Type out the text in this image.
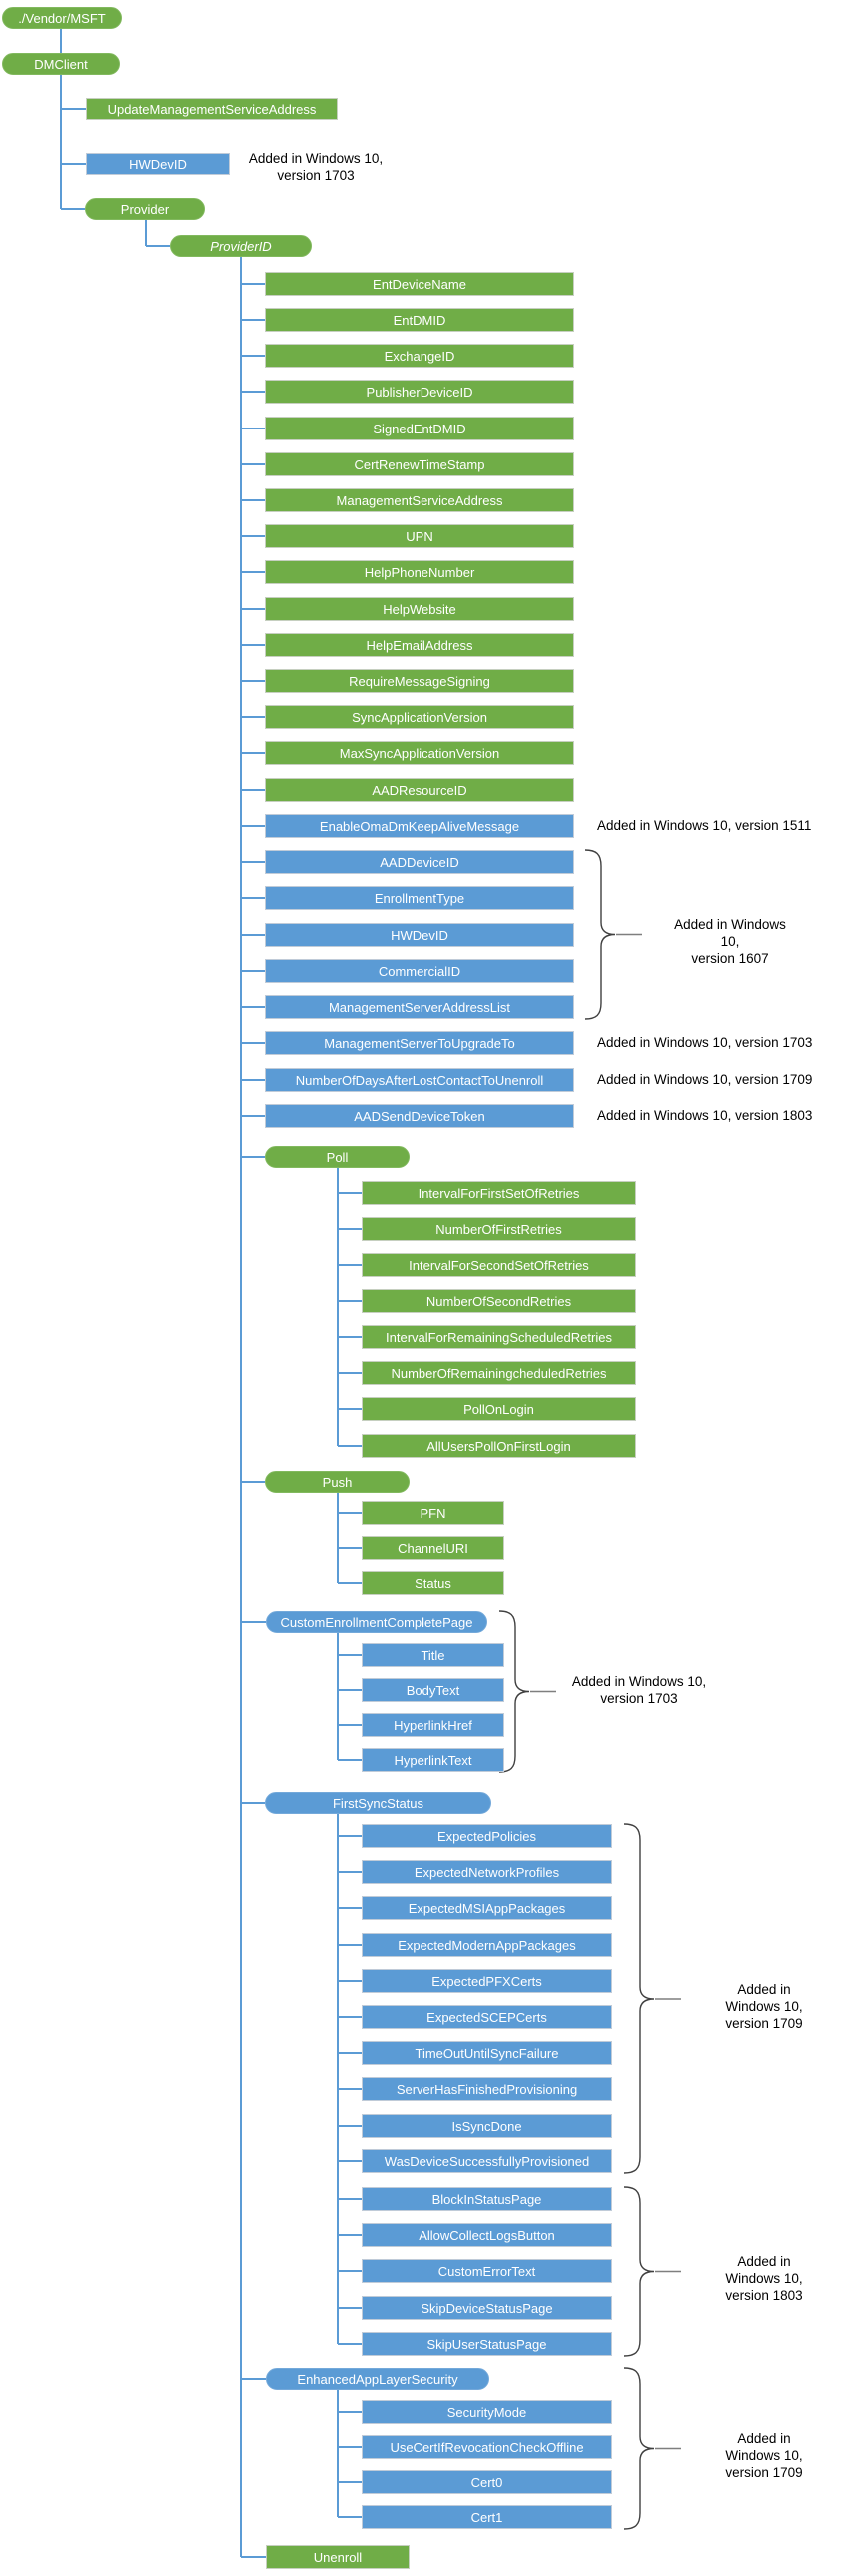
./Vendor/MSFT
DMClient
UpdateManagementServiceAddress
HWDevID
Provider
ProviderID
EntDeviceName
EntDMID
ExchangeID
PublisherDeviceID
SignedEntDMID
CertRenewTimeStamp
ManagementServiceAddress
UPN
HelpPhoneNumber
HelpWebsite
HelpEmailAddress
RequireMessageSigning
SyncApplicationVersion
MaxSyncApplicationVersion
AADResourceID
EnableOmaDmKeepAliveMessage
AADDeviceID
EnrollmentType
HWDevID
CommercialID
ManagementServerAddressList
ManagementServerToUpgradeTo
NumberOfDaysAfterLostContactToUnenroll
AADSendDeviceToken
Poll
IntervalForFirstSetOfRetries
NumberOfFirstRetries
IntervalForSecondSetOfRetries
NumberOfSecondRetries
IntervalForRemainingScheduledRetries
NumberOfRemainingcheduledRetries
PollOnLogin
AllUsersPollOnFirstLogin
Push
PFN
ChannelURI
Status
CustomEnrollmentCompletePage
Title
BodyText
HyperlinkHref
HyperlinkText
FirstSyncStatus
ExpectedPolicies
ExpectedNetworkProfiles
ExpectedMSIAppPackages
ExpectedModernAppPackages
ExpectedPFXCerts
ExpectedSCEPCerts
TimeOutUntilSyncFailure
ServerHasFinishedProvisioning
IsSyncDone
WasDeviceSuccessfullyProvisioned
BlockInStatusPage
AllowCollectLogsButton
CustomErrorText
SkipDeviceStatusPage
SkipUserStatusPage
EnhancedAppLayerSecurity
SecurityMode
UseCertIfRevocationCheckOffline
Cert0
Cert1
Unenroll
Added in Windows 10,
version 1703
Added in Windows 10, version 1511
Added in Windows 10,
version 1607
Added in Windows 10, version 1703
Added in Windows 10, version 1709
Added in Windows 10, version 1803
Added in Windows 10,
version 1703
Added in Windows 10,
version 1709
Added in Windows 10,
version 1803
Added in Windows 10,
version 1709
